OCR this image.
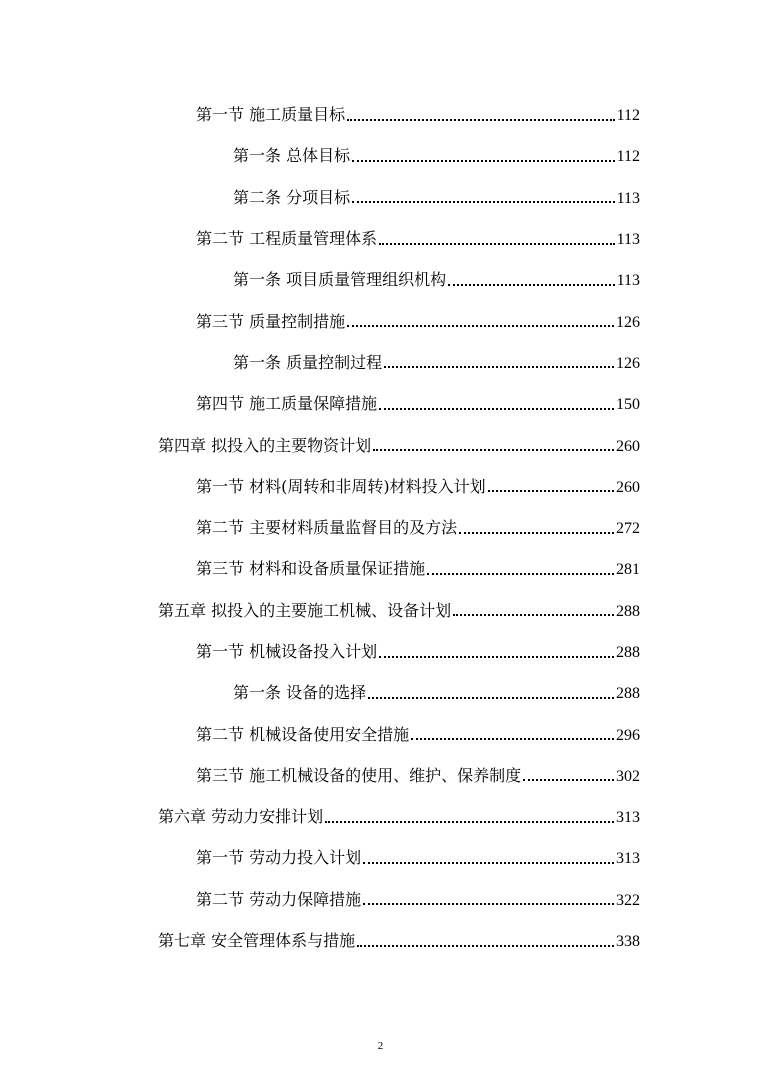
第一节 施工质量目标	112
第一条 总体目标	112
第二条 分项目标	113
第二节 工程质量管理体系	113
第一条 项目质量管理组织机构	113
第三节 质量控制措施	126
第一条 质量控制过程	126
第四节 施工质量保障措施	150
第四章 拟投入的主要物资计划	260
第一节 材料(周转和非周转)材料投入计划	260
第二节 主要材料质量监督目的及方法	272
第三节 材料和设备质量保证措施	281
第五章 拟投入的主要施工机械、设备计划	288
第一节 机械设备投入计划	288
第一条 设备的选择	288
第二节 机械设备使用安全措施	296
第三节 施工机械设备的使用、维护、保养制度	302
第六章 劳动力安排计划	313
第一节 劳动力投入计划	313
第二节 劳动力保障措施	322
第七章 安全管理体系与措施	338
2
